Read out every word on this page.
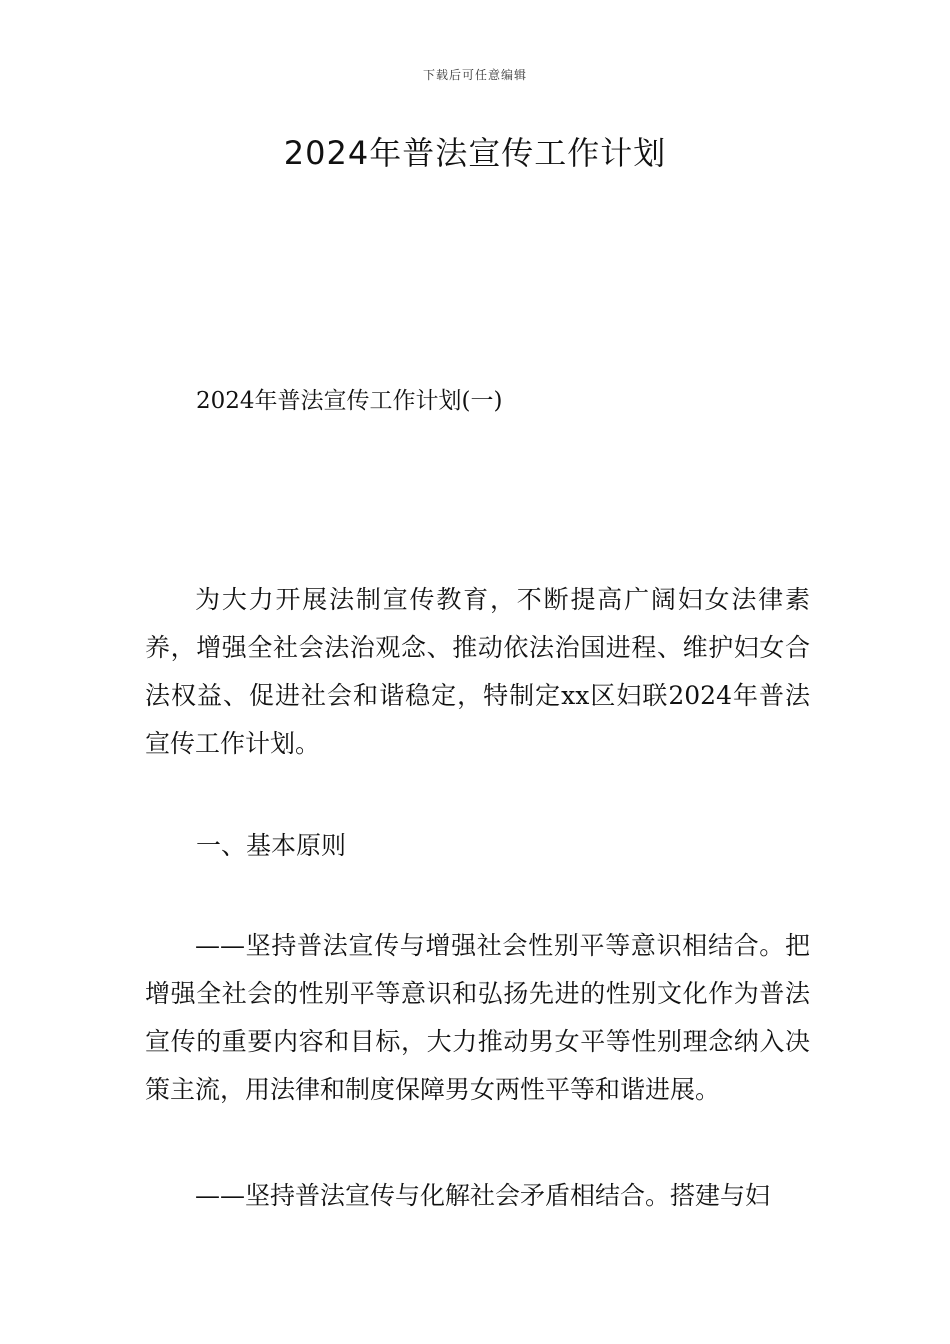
下载后可任意编辑
2024年普法宣传工作计划

2024年普法宣传工作计划(一)

为大力开展法制宣传教育，不断提高广阔妇女法律素养，增强全社会法治观念、推动依法治国进程、维护妇女合法权益、促进社会和谐稳定，特制定xx区妇联2024年普法宣传工作计划。

一、基本原则

——坚持普法宣传与增强社会性别平等意识相结合。把增强全社会的性别平等意识和弘扬先进的性别文化作为普法宣传的重要内容和目标，大力推动男女平等性别理念纳入决策主流，用法律和制度保障男女两性平等和谐进展。

——坚持普法宣传与化解社会矛盾相结合。搭建与妇
